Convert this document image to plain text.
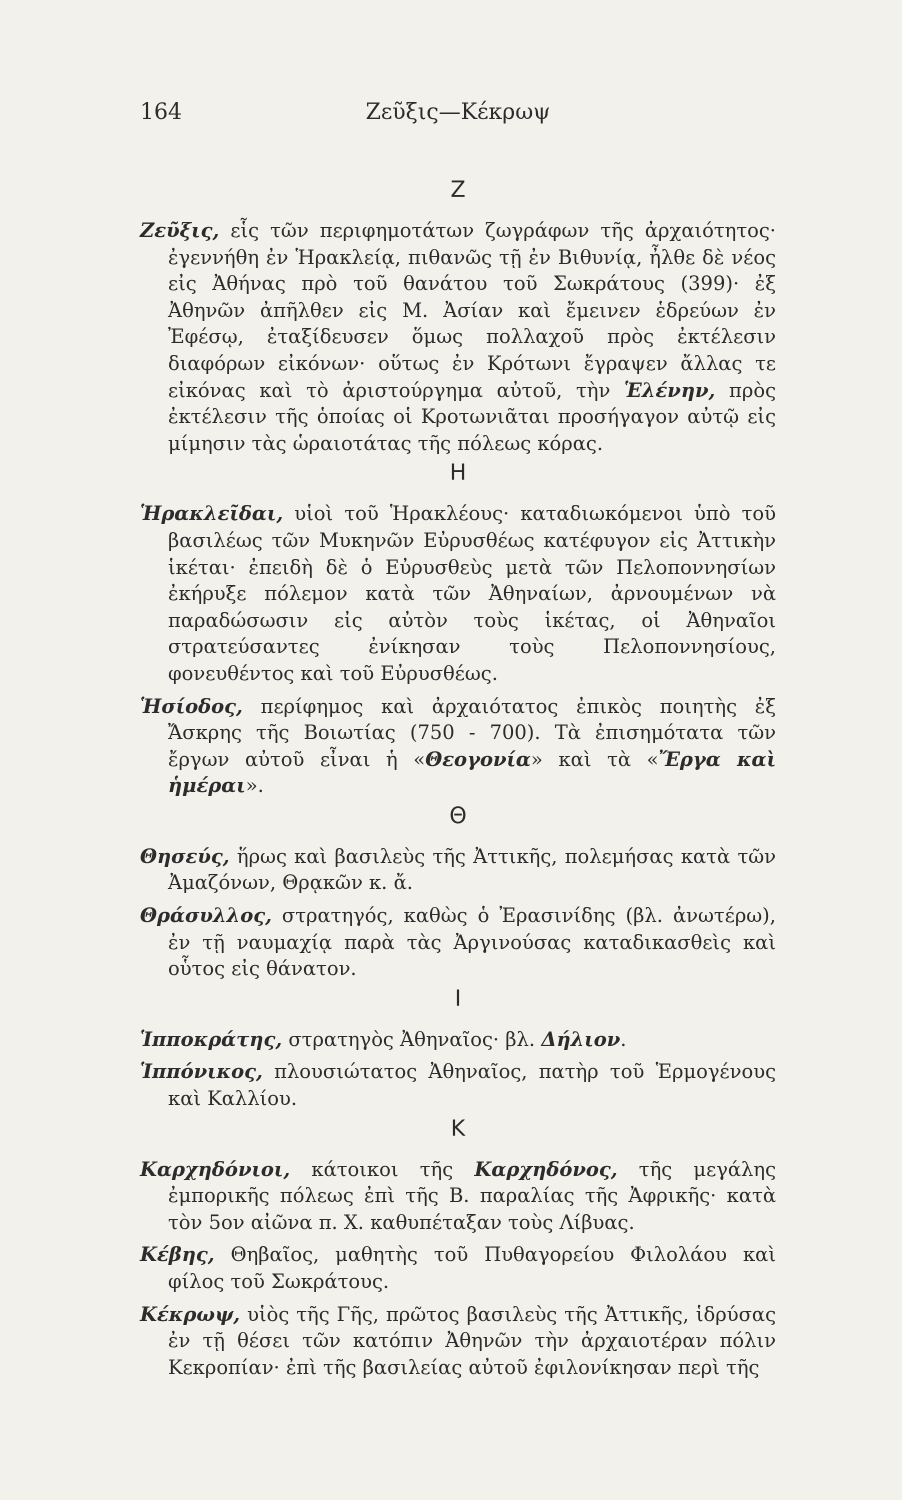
164	Ζεῦξις—Κέκρωψ
Ζ

Ζεῦξις, εἷς τῶν περιφημοτάτων ζωγράφων τῆς ἀρχαιότητος· ἐγεννήθη ἐν Ἡρακλείᾳ, πιθανῶς τῇ ἐν Βιθυνίᾳ, ἦλθε δὲ νέος εἰς Ἀθήνας πρὸ τοῦ θανάτου τοῦ Σωκράτους (399)· ἐξ Ἀθηνῶν ἀπῆλθεν εἰς Μ. Ἀσίαν καὶ ἔμεινεν ἑδρεύων ἐν Ἐφέσῳ, ἐταξίδευσεν ὅμως πολλαχοῦ πρὸς ἐκτέλεσιν διαφόρων εἰκόνων· οὕτως ἐν Κρότωνι ἔγραψεν ἄλλας τε εἰκόνας καὶ τὸ ἀριστούργημα αὐτοῦ, τὴν Ἑλένην, πρὸς ἐκτέλεσιν τῆς ὁποίας οἱ Κροτωνιᾶται προσήγαγον αὐτῷ εἰς μίμησιν τὰς ὡραιοτάτας τῆς πόλεως κόρας.

Η

Ἡρακλεῖδαι, υἱοὶ τοῦ Ἡρακλέους· καταδιωκόμενοι ὑπὸ τοῦ βασιλέως τῶν Μυκηνῶν Εὐρυσθέως κατέφυγον εἰς Ἀττικὴν ἱκέται· ἐπειδὴ δὲ ὁ Εὐρυσθεὺς μετὰ τῶν Πελοποννησίων ἐκήρυξε πόλεμον κατὰ τῶν Ἀθηναίων, ἀρνουμένων νὰ παραδώσωσιν εἰς αὐτὸν τοὺς ἱκέτας, οἱ Ἀθηναῖοι στρατεύσαντες ἐνίκησαν τοὺς Πελοποννησίους, φονευθέντος καὶ τοῦ Εὐρυσθέως.

Ἡσίοδος, περίφημος καὶ ἀρχαιότατος ἐπικὸς ποιητὴς ἐξ Ἄσκρης τῆς Βοιωτίας (750 - 700). Τὰ ἐπισημότατα τῶν ἔργων αὐτοῦ εἶναι ἡ «Θεογονία» καὶ τὰ «Ἔργα καὶ ἡμέραι».

Θ

Θησεύς, ἥρως καὶ βασιλεὺς τῆς Ἀττικῆς, πολεμήσας κατὰ τῶν Ἀμαζόνων, Θρᾳκῶν κ. ἄ.

Θράσυλλος, στρατηγός, καθὼς ὁ Ἐρασινίδης (βλ. ἀνωτέρω), ἐν τῇ ναυμαχίᾳ παρὰ τὰς Ἀργινούσας καταδικασθεὶς καὶ οὗτος εἰς θάνατον.

Ι

Ἱπποκράτης, στρατηγὸς Ἀθηναῖος· βλ. Δήλιον.

Ἱππόνικος, πλουσιώτατος Ἀθηναῖος, πατὴρ τοῦ Ἑρμογένους καὶ Καλλίου.

Κ

Καρχηδόνιοι, κάτοικοι τῆς Καρχηδόνος, τῆς μεγάλης ἐμπορικῆς πόλεως ἐπὶ τῆς Β. παραλίας τῆς Ἀφρικῆς· κατὰ τὸν 5ον αἰῶνα π. Χ. καθυπέταξαν τοὺς Λίβυας.

Κέβης, Θηβαῖος, μαθητὴς τοῦ Πυθαγορείου Φιλολάου καὶ φίλος τοῦ Σωκράτους.

Κέκρωψ, υἱὸς τῆς Γῆς, πρῶτος βασιλεὺς τῆς Ἀττικῆς, ἱδρύσας ἐν τῇ θέσει τῶν κατόπιν Ἀθηνῶν τὴν ἀρχαιοτέραν πόλιν Κεκροπίαν· ἐπὶ τῆς βασιλείας αὐτοῦ ἐφιλονίκησαν περὶ τῆς
